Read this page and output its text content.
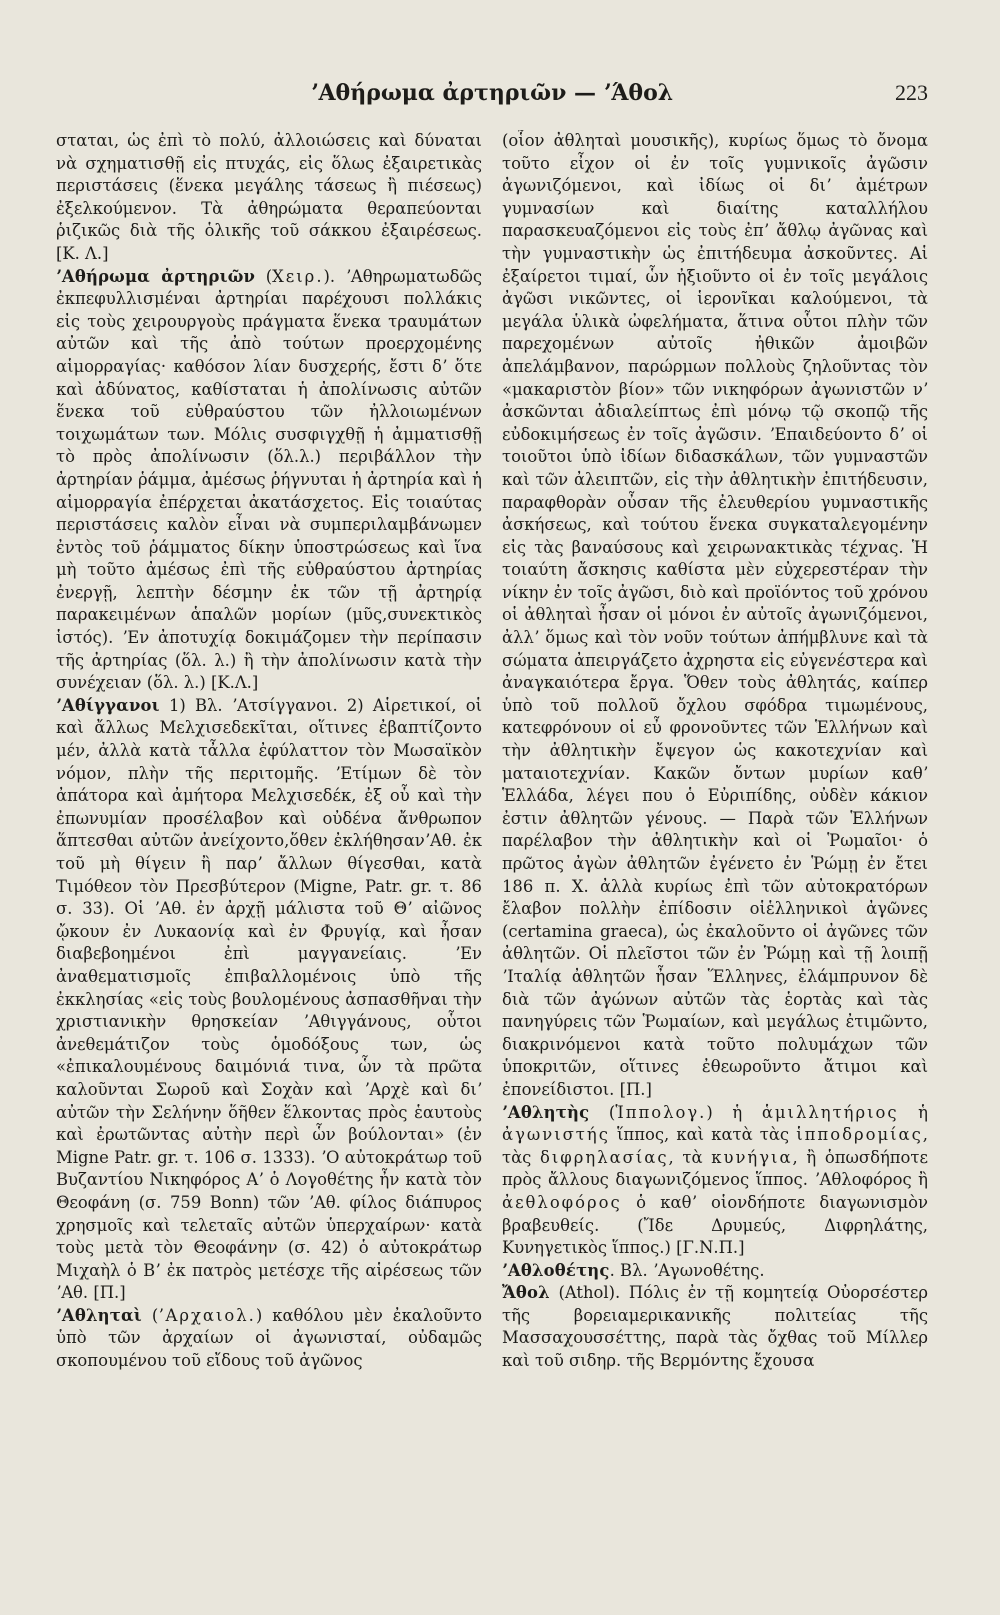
ʼΑθήρωμα ἀρτηριῶν — ʼΆθολ	223

σταται, ὡς ἐπὶ τὸ πολύ, ἀλλοιώσεις καὶ δύναται νὰ σχηματισθῇ εἰς πτυχάς, εἰς ὅλως ἐξαιρετικὰς περιστάσεις (ἕνεκα μεγάλης τάσεως ἢ πιέσεως) ἐξελκούμενον. Τὰ ἀθηρώματα θεραπεύονται ῥιζικῶς διὰ τῆς ὁλικῆς τοῦ σάκκου ἐξαιρέσεως. [Κ. Λ.]

ʼΑθήρωμα ἀρτηριῶν (Χειρ.). ʼΑθηρωματωδῶς ἐκπεφυλλισμέναι ἀρτηρίαι παρέχουσι πολλάκις εἰς τοὺς χειρουργοὺς πράγματα ἕνεκα τραυμάτων αὐτῶν καὶ τῆς ἀπὸ τούτων προερχομένης αἱμορραγίας· καθόσον λίαν δυσχερής, ἔστι δʼ ὅτε καὶ ἀδύνατος, καθίσταται ἡ ἀπολίνωσις αὐτῶν ἕνεκα τοῦ εὐθραύστου τῶν ἠλλοιωμένων τοιχωμάτων των. Μόλις συσφιγχθῇ ἡ ἀμματισθῇ τὸ πρὸς ἀπολίνωσιν (ὅλ.λ.) περιβάλλον τὴν ἀρτηρίαν ῥάμμα, ἀμέσως ῥήγνυται ἡ ἀρτηρία καὶ ἡ αἱμορραγία ἐπέρχεται ἀκατάσχετος. Εἰς τοιαύτας περιστάσεις καλὸν εἶναι νὰ συμπεριλαμβάνωμεν ἐντὸς τοῦ ῥάμματος δίκην ὑποστρώσεως καὶ ἵνα μὴ τοῦτο ἀμέσως ἐπὶ τῆς εὐθραύστου ἀρτηρίας ἐνεργῇ, λεπτὴν δέσμην ἐκ τῶν τῇ ἀρτηρίᾳ παρακειμένων ἁπαλῶν μορίων (μῦς,συνεκτικὸς ἱστός). ʼΕν ἀποτυχίᾳ δοκιμάζομεν τὴν περίπασιν τῆς ἀρτηρίας (ὅλ. λ.) ἢ τὴν ἀπολίνωσιν κατὰ τὴν συνέχειαν (ὅλ. λ.) [Κ.Λ.]

ʼΑθίγγανοι 1) Βλ. ʼΑτσίγγανοι. 2) Αἱρετικοί, οἱ καὶ ἄλλως Μελχισεδεκῖται, οἵτινες ἐβαπτίζοντο μέν, ἀλλὰ κατὰ τἆλλα ἐφύλαττον τὸν Μωσαϊκὸν νόμον, πλὴν τῆς περιτομῆς. ʼΕτίμων δὲ τὸν ἀπάτορα καὶ ἀμήτορα Μελχισεδέκ, ἐξ οὗ καὶ τὴν ἐπωνυμίαν προσέλαβον καὶ οὐδένα ἄνθρωπον ἅπτεσθαι αὐτῶν ἀνείχοντο,ὅθεν ἐκλήθησανʼΑθ. ἐκ τοῦ μὴ θίγειν ἢ παρʼ ἄλλων θίγεσθαι, κατὰ Τιμόθεον τὸν Πρεσβύτερον (Migne, Patr. gr. τ. 86 σ. 33). Οἱ ʼΑθ. ἐν ἀρχῇ μάλιστα τοῦ Θʼ αἰῶνος ᾤκουν ἐν Λυκαονίᾳ καὶ ἐν Φρυγίᾳ, καὶ ἦσαν διαβεβοημένοι ἐπὶ μαγγανείαις. ʼΕν ἀναθεματισμοῖς ἐπιβαλλομένοις ὑπὸ τῆς ἐκκλησίας «εἰς τοὺς βουλομένους ἀσπασθῆναι τὴν χριστιανικὴν θρησκείαν ʼΑθιγγάνους, οὗτοι ἀνεθεμάτιζον τοὺς ὁμοδόξους των, ὡς «ἐπικαλουμένους δαιμόνιά τινα, ὧν τὰ πρῶτα καλοῦνται Σωροῦ καὶ Σοχὰν καὶ ʼΑρχὲ καὶ διʼ αὐτῶν τὴν Σελήνην ὅῆθεν ἕλκοντας πρὸς ἑαυτοὺς καὶ ἐρωτῶντας αὐτὴν περὶ ὧν βούλονται» (ἐν Migne Patr. gr. τ. 106 σ. 1333). ʼΟ αὐτοκράτωρ τοῦ Βυζαντίου Νικηφόρος Αʼ ὁ Λογοθέτης ἦν κατὰ τὸν Θεοφάνη (σ. 759 Bonn) τῶν ʼΑθ. φίλος διάπυρος χρησμοῖς καὶ τελεταῖς αὐτῶν ὑπερχαίρων· κατὰ τοὺς μετὰ τὸν Θεοφάνην (σ. 42) ὁ αὐτοκράτωρ Μιχαὴλ ὁ Βʼ ἐκ πατρὸς μετέσχε τῆς αἱρέσεως τῶν ʼΑθ. [Π.]

ʼΑθληταὶ (ʼΑρχαιολ.) καθόλου μὲν ἐκαλοῦντο ὑπὸ τῶν ἀρχαίων οἱ ἀγωνισταί, οὐδαμῶς σκοπουμένου τοῦ εἴδους τοῦ ἀγῶνος

(οἷον ἀθληταὶ μουσικῆς), κυρίως ὅμως τὸ ὄνομα τοῦτο εἶχον οἱ ἐν τοῖς γυμνικοῖς ἀγῶσιν ἀγωνιζόμενοι, καὶ ἰδίως οἱ διʼ ἀμέτρων γυμνασίων καὶ διαίτης καταλλήλου παρασκευαζόμενοι εἰς τοὺς ἐπʼ ἄθλῳ ἀγῶνας καὶ τὴν γυμναστικὴν ὡς ἐπιτήδευμα ἀσκοῦντες. Αἱ ἐξαίρετοι τιμαί, ὧν ἠξιοῦντο οἱ ἐν τοῖς μεγάλοις ἀγῶσι νικῶντες, οἱ ἱερονῖκαι καλούμενοι, τὰ μεγάλα ὑλικὰ ὠφελήματα, ἅτινα οὗτοι πλὴν τῶν παρεχομένων αὐτοῖς ἠθικῶν ἀμοιβῶν ἀπελάμβανον, παρώρμων πολλοὺς ζηλοῦντας τὸν «μακαριστὸν βίον» τῶν νικηφόρων ἀγωνιστῶν νʼ ἀσκῶνται ἀδιαλείπτως ἐπὶ μόνῳ τῷ σκοπῷ τῆς εὐδοκιμήσεως ἐν τοῖς ἀγῶσιν. ʼΕπαιδεύοντο δʼ οἱ τοιοῦτοι ὑπὸ ἰδίων διδασκάλων, τῶν γυμναστῶν καὶ τῶν ἀλειπτῶν, εἰς τὴν ἀθλητικὴν ἐπιτήδευσιν, παραφθορὰν οὖσαν τῆς ἐλευθερίου γυμναστικῆς ἀσκήσεως, καὶ τούτου ἕνεκα συγκαταλεγομένην εἰς τὰς βαναύσους καὶ χειρωνακτικὰς τέχνας. Ἡ τοιαύτη ἄσκησις καθίστα μὲν εὐχερεστέραν τὴν νίκην ἐν τοῖς ἀγῶσι, διὸ καὶ προϊόντος τοῦ χρόνου οἱ ἀθληταὶ ἦσαν οἱ μόνοι ἐν αὐτοῖς ἀγωνιζόμενοι, ἀλλʼ ὅμως καὶ τὸν νοῦν τούτων ἀπήμβλυνε καὶ τὰ σώματα ἀπειργάζετο ἀχρηστα εἰς εὐγενέστερα καὶ ἀναγκαιότερα ἔργα. Ὅθεν τοὺς ἀθλητάς, καίπερ ὑπὸ τοῦ πολλοῦ ὄχλου σφόδρα τιμωμένους, κατεφρόνουν οἱ εὖ φρονοῦντες τῶν Ἑλλήνων καὶ τὴν ἀθλητικὴν ἔψεγον ὡς κακοτεχνίαν καὶ ματαιοτεχνίαν. Κακῶν ὄντων μυρίων καθʼ Ἑλλάδα, λέγει που ὁ Εὐριπίδης, οὐδὲν κάκιον ἐστιν ἀθλητῶν γένους. — Παρὰ τῶν Ἑλλήνων παρέλαβον τὴν ἀθλητικὴν καὶ οἱ Ῥωμαῖοι· ὁ πρῶτος ἀγὼν ἀθλητῶν ἐγένετο ἐν Ῥώμῃ ἐν ἔτει 186 π. Χ. ἀλλὰ κυρίως ἐπὶ τῶν αὐτοκρατόρων ἔλαβον πολλὴν ἐπίδοσιν οἱἑλληνικοὶ ἀγῶνες (certamina graeca), ὡς ἐκαλοῦντο οἱ ἀγῶνες τῶν ἀθλητῶν. Οἱ πλεῖστοι τῶν ἐν Ῥώμῃ καὶ τῇ λοιπῇ ʼΙταλίᾳ ἀθλητῶν ἦσαν Ἕλληνες, ἐλάμπρυνον δὲ διὰ τῶν ἀγώνων αὐτῶν τὰς ἑορτὰς καὶ τὰς πανηγύρεις τῶν Ῥωμαίων, καὶ μεγάλως ἐτιμῶντο, διακρινόμενοι κατὰ τοῦτο πολυμάχων τῶν ὑποκριτῶν, οἵτινες ἐθεωροῦντο ἄτιμοι καὶ ἐπονείδιστοι. [Π.]

ʼΑθλητὴς (Ἱππολογ.) ἡ ἁμιλλητήριος ἡ ἀγωνιστής ἵππος, καὶ κατὰ τὰς ἱπποδρομίας, τὰς διφρηλασίας, τὰ κυνήγια, ἢ ὁπωσδήποτε πρὸς ἄλλους διαγωνιζόμενος ἵππος. ʼΑθλοφόρος ἢ ἀεθλοφόρος ὁ καθʼ οἱονδήποτε διαγωνισμὸν βραβευθείς. (Ἴδε Δρυμεύς, Διφρηλάτης, Κυνηγετικὸς ἵππος.) [Γ.Ν.Π.]

ʼΑθλοθέτης. Βλ. ʼΑγωνοθέτης.

Ἄθολ (Athol). Πόλις ἐν τῇ κομητείᾳ Οὐορσέστερ τῆς βορειαμερικανικῆς πολιτείας τῆς Μασσαχουσσέττης, παρὰ τὰς ὄχθας τοῦ Μίλλερ καὶ τοῦ σιδηρ. τῆς Βερμόντης ἔχουσα
